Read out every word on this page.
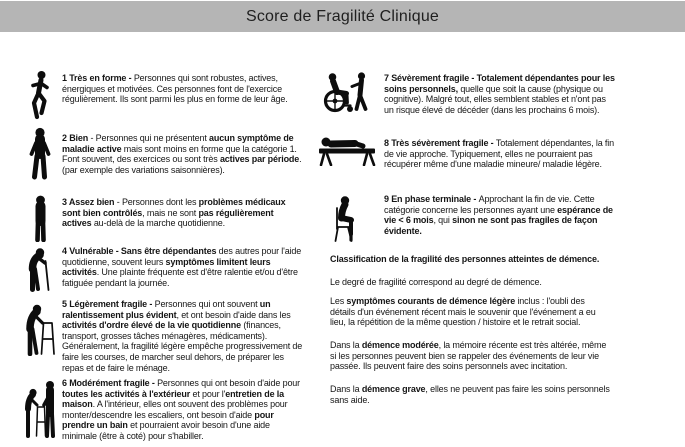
Score de Fragilité Clinique
1 Très en forme - Personnes qui sont robustes, actives, énergiques et motivées. Ces personnes font de l'exercice régulièrement. Ils sont parmi les plus en forme de leur âge.
2 Bien - Personnes qui ne présentent aucun symptôme de maladie active mais sont moins en forme que la catégorie 1. Font souvent, des exercices ou sont très actives par période. (par exemple des variations saisonnières).
3 Assez bien - Personnes dont les problèmes médicaux sont bien contrôlés, mais ne sont pas régulièrement actives au-delà de la marche quotidienne.
4 Vulnérable - Sans être dépendantes des autres pour l'aide quotidienne, souvent leurs symptômes limitent leurs activités. Une plainte fréquente est d'être ralentie et/ou d'être fatiguée pendant la journée.
5 Légèrement fragile - Personnes qui ont souvent un ralentissement plus évident, et ont besoin d'aide dans les activités d'ordre élevé de la vie quotidienne (finances, transport, grosses tâches ménagères, médicaments). Généralement, la fragilité légère empêche progressivement de faire les courses, de marcher seul dehors, de préparer les repas et de faire le ménage.
6 Modérément fragile - Personnes qui ont besoin d'aide pour toutes les activités à l'extérieur et pour l'entretien de la maison. A l'intérieur, elles ont souvent des problèmes pour monter/descendre les escaliers, ont besoin d'aide pour prendre un bain et pourraient avoir besoin d'une aide minimale (être à coté) pour s'habiller.
7 Sévèrement fragile - Totalement dépendantes pour les soins personnels, quelle que soit la cause (physique ou cognitive). Malgré tout, elles semblent stables et n'ont pas un risque élevé de décéder (dans les prochains 6 mois).
8 Très sévèrement fragile - Totalement dépendantes, la fin de vie approche. Typiquement, elles ne pourraient pas récupérer même d'une maladie mineure/ maladie légère.
9 En phase terminale - Approchant la fin de vie. Cette catégorie concerne les personnes ayant une espérance de vie < 6 mois, qui sinon ne sont pas fragiles de façon évidente.
Classification de la fragilité des personnes atteintes de démence.
Le degré de fragilité correspond au degré de démence.
Les symptômes courants de démence légère inclus : l'oubli des détails d'un événement récent mais le souvenir que l'événement a eu lieu, la répétition de la même question / histoire et le retrait social.
Dans la démence modérée, la mémoire récente est très altérée, même si les personnes peuvent bien se rappeler des événements de leur vie passée. Ils peuvent faire des soins personnels avec incitation.
Dans la démence grave, elles ne peuvent pas faire les soins personnels sans aide.
